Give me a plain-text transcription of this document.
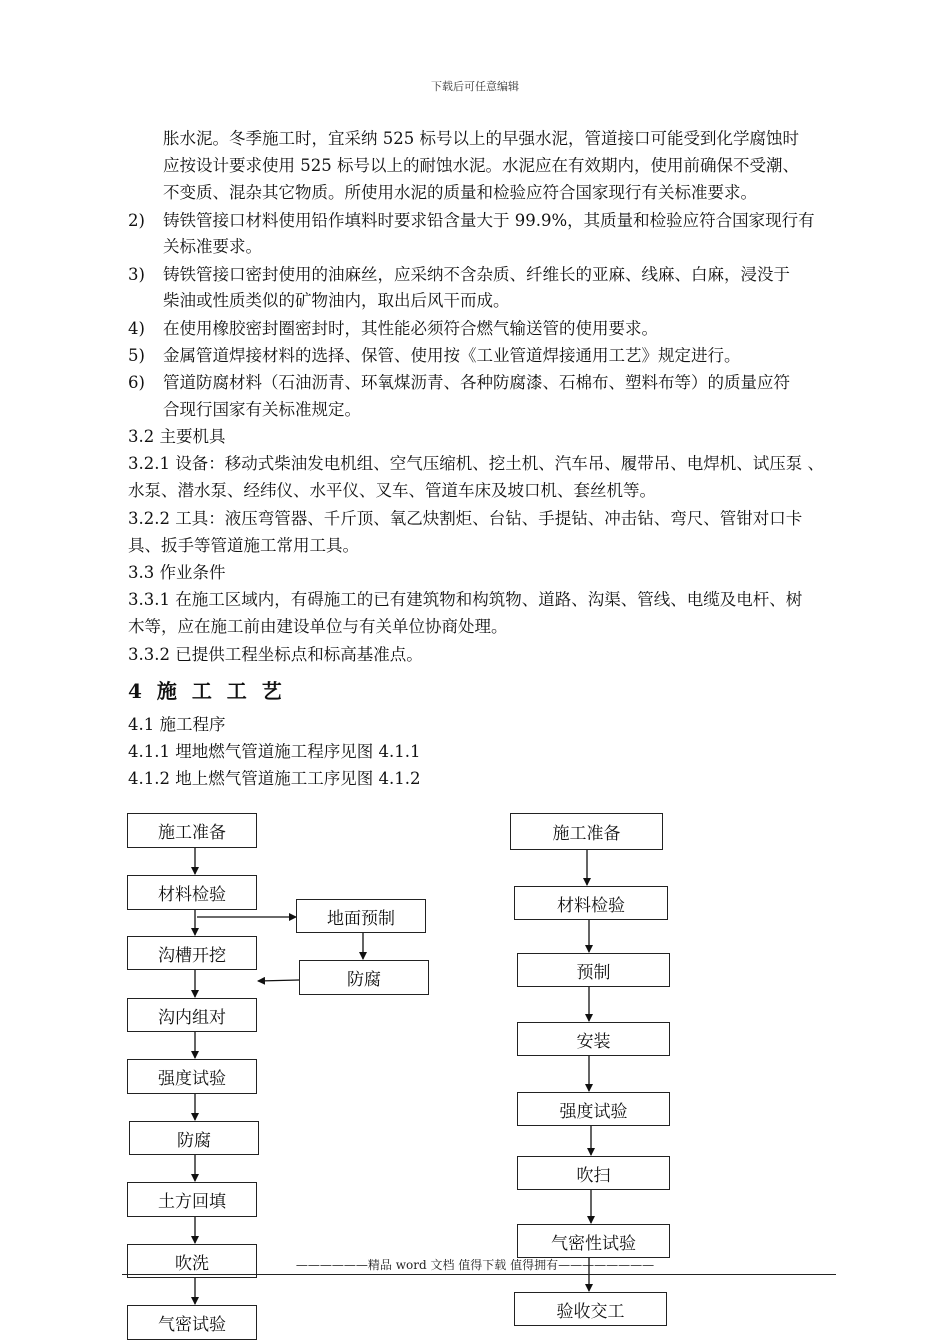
下载后可任意编辑
胀水泥。冬季施工时，宜采纳 525 标号以上的早强水泥，管道接口可能受到化学腐蚀时
应按设计要求使用 525 标号以上的耐蚀水泥。水泥应在有效期内，使用前确保不受潮、
不变质、混杂其它物质。所使用水泥的质量和检验应符合国家现行有关标准要求。
2) 铸铁管接口材料使用铅作填料时要求铅含量大于 99.9%，其质量和检验应符合国家现行有
关标准要求。
3) 铸铁管接口密封使用的油麻丝，应采纳不含杂质、纤维长的亚麻、线麻、白麻，浸没于
柴油或性质类似的矿物油内，取出后风干而成。
4) 在使用橡胶密封圈密封时，其性能必须符合燃气输送管的使用要求。
5) 金属管道焊接材料的选择、保管、使用按《工业管道焊接通用工艺》规定进行。
6) 管道防腐材料（石油沥青、环氧煤沥青、各种防腐漆、石棉布、塑料布等）的质量应符
合现行国家有关标准规定。
3.2 主要机具
3.2.1 设备：移动式柴油发电机组、空气压缩机、挖土机、汽车吊、履带吊、电焊机、试压泵 、
水泵、潜水泵、经纬仪、水平仪、叉车、管道车床及坡口机、套丝机等。
3.2.2 工具：液压弯管器、千斤顶、氧乙炔割炬、台钻、手提钻、冲击钻、弯尺、管钳对口卡
具、扳手等管道施工常用工具。
3.3 作业条件
3.3.1 在施工区域内，有碍施工的已有建筑物和构筑物、道路、沟渠、管线、电缆及电杆、树
木等，应在施工前由建设单位与有关单位协商处理。
3.3.2 已提供工程坐标点和标高基准点。
4 施 工 工 艺
4.1 施工程序
4.1.1 埋地燃气管道施工程序见图 4.1.1
4.1.2 地上燃气管道施工工序见图 4.1.2
施工准备
材料检验
沟槽开挖
沟内组对
强度试验
防腐
土方回填
吹洗
气密试验
地面预制
防腐
施工准备
材料检验
预制
安装
强度试验
吹扫
气密性试验
验收交工
——————精品 word 文档 值得下载 值得拥有————————
